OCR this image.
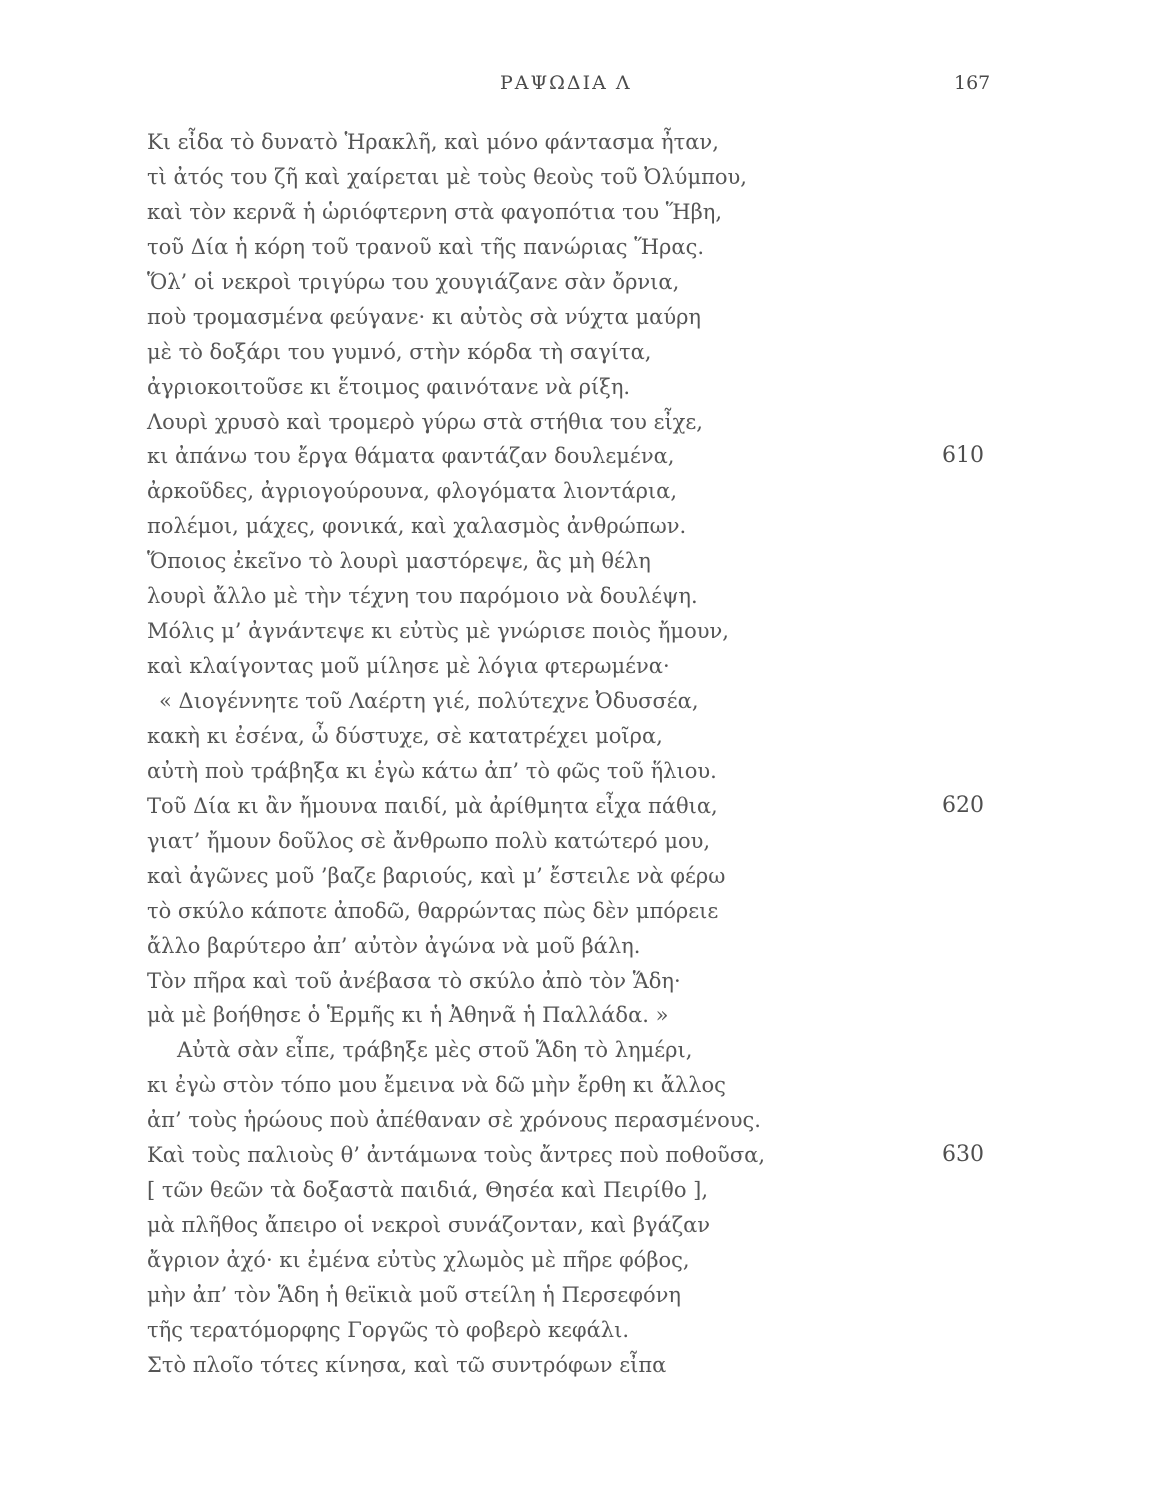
ΡΑΨΩΔΙΑ Λ	167
Κι εἶδα τὸ δυνατὸ Ἡρακλῆ, καὶ μόνο φάντασμα ἦταν,
τὶ ἀτός του ζῆ καὶ χαίρεται μὲ τοὺς θεοὺς τοῦ Ὀλύμπου,
καὶ τὸν κερνᾶ ἡ ὡριόφτερνη στὰ φαγοπότια του Ἥβη,
τοῦ Δία ἡ κόρη τοῦ τρανοῦ καὶ τῆς πανώριας Ἥρας.
Ὅλ’ οἱ νεκροὶ τριγύρω του χουγιάζανε σὰν ὄρνια,
ποὺ τρομασμένα φεύγανε· κι αὐτὸς σὰ νύχτα μαύρη
μὲ τὸ δοξάρι του γυμνό, στὴν κόρδα τὴ σαγίτα,
ἀγριοκοιτοῦσε κι ἕτοιμος φαινότανε νὰ ρίξη.
Λουρὶ χρυσὸ καὶ τρομερὸ γύρω στὰ στήθια του εἶχε,
κι ἀπάνω του ἔργα θάματα φαντάζαν δουλεμένα,	610
ἀρκοῦδες, ἀγριογούρουνα, φλογόματα λιοντάρια,
πολέμοι, μάχες, φονικά, καὶ χαλασμὸς ἀνθρώπων.
Ὅποιος ἐκεῖνο τὸ λουρὶ μαστόρεψε, ἂς μὴ θέλη
λουρὶ ἄλλο μὲ τὴν τέχνη του παρόμοιο νὰ δουλέψη.
Μόλις μ’ ἀγνάντεψε κι εὐτὺς μὲ γνώρισε ποιὸς ἤμουν,
καὶ κλαίγοντας μοῦ μίλησε μὲ λόγια φτερωμένα·
« Διογέννητε τοῦ Λαέρτη γιέ, πολύτεχνε Ὀδυσσέα,
κακὴ κι ἐσένα, ὦ δύστυχε, σὲ κατατρέχει μοῖρα,
αὐτὴ ποὺ τράβηξα κι ἐγὼ κάτω ἀπ’ τὸ φῶς τοῦ ἥλιου.
Τοῦ Δία κι ἂν ἤμουνα παιδί, μὰ ἀρίθμητα εἶχα πάθια,	620
γιατ’ ἤμουν δοῦλος σὲ ἄνθρωπο πολὺ κατώτερό μου,
καὶ ἀγῶνες μοῦ ’βαζε βαριούς, καὶ μ’ ἔστειλε νὰ φέρω
τὸ σκύλο κάποτε ἀποδῶ, θαρρώντας πὼς δὲν μπόρειε
ἄλλο βαρύτερο ἀπ’ αὐτὸν ἀγώνα νὰ μοῦ βάλη.
Τὸν πῆρα καὶ τοῦ ἀνέβασα τὸ σκύλο ἀπὸ τὸν Ἅδη·
μὰ μὲ βοήθησε ὁ Ἑρμῆς κι ἡ Ἀθηνᾶ ἡ Παλλάδα. »
Αὐτὰ σὰν εἶπε, τράβηξε μὲς στοῦ Ἅδη τὸ λημέρι,
κι ἐγὼ στὸν τόπο μου ἔμεινα νὰ δῶ μὴν ἔρθη κι ἄλλος
ἀπ’ τοὺς ἡρώους ποὺ ἀπέθαναν σὲ χρόνους περασμένους.
Καὶ τοὺς παλιοὺς θ’ ἀντάμωνα τοὺς ἄντρες ποὺ ποθοῦσα,	630
[ τῶν θεῶν τὰ δοξαστὰ παιδιά, Θησέα καὶ Πειρίθο ],
μὰ πλῆθος ἄπειρο οἱ νεκροὶ συνάζονταν, καὶ βγάζαν
ἄγριον ἀχό· κι ἐμένα εὐτὺς χλωμὸς μὲ πῆρε φόβος,
μὴν ἀπ’ τὸν Ἅδη ἡ θεϊκιὰ μοῦ στείλη ἡ Περσεφόνη
τῆς τερατόμορφης Γοργῶς τὸ φοβερὸ κεφάλι.
Στὸ πλοῖο τότες κίνησα, καὶ τῶ συντρόφων εἶπα
